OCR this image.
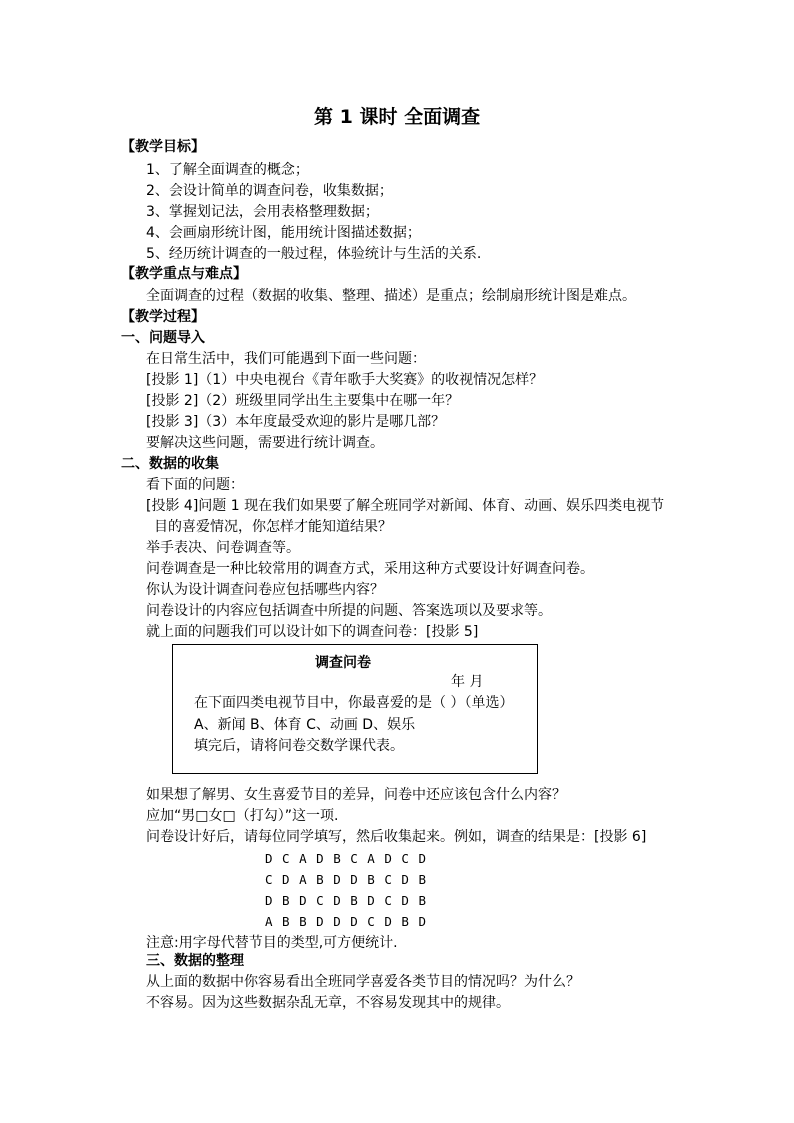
第 1 课时 全面调查
【教学目标】
1、了解全面调查的概念；
2、会设计简单的调查问卷，收集数据；
3、掌握划记法，会用表格整理数据；
4、会画扇形统计图，能用统计图描述数据；
5、经历统计调查的一般过程，体验统计与生活的关系.
【教学重点与难点】
全面调查的过程（数据的收集、整理、描述）是重点；绘制扇形统计图是难点。
【教学过程】
一、问题导入
在日常生活中，我们可能遇到下面一些问题：
[投影 1]（1）中央电视台《青年歌手大奖赛》的收视情况怎样？
[投影 2]（2）班级里同学出生主要集中在哪一年？
[投影 3]（3）本年度最受欢迎的影片是哪几部？
要解决这些问题，需要进行统计调查。
二、数据的收集
看下面的问题：
[投影 4]问题 1 现在我们如果要了解全班同学对新闻、体育、动画、娱乐四类电视节
目的喜爱情况，你怎样才能知道结果？
举手表决、问卷调查等。
问卷调查是一种比较常用的调查方式，采用这种方式要设计好调查问卷。
你认为设计调查问卷应包括哪些内容？
问卷设计的内容应包括调查中所提的问题、答案选项以及要求等。
就上面的问题我们可以设计如下的调查问卷：[投影 5]
调查问卷
年 月
在下面四类电视节目中，你最喜爱的是（ ）（单选）
A、新闻 B、体育 C、动画 D、娱乐
填完后，请将问卷交数学课代表。
如果想了解男、女生喜爱节目的差异，问卷中还应该包含什么内容？
应加“男□女□（打勾）”这一项.
问卷设计好后，请每位同学填写，然后收集起来。例如，调查的结果是：[投影 6]
D C A D B C A D C D
C D A B D D B C D B
D B D C D B D C D B
A B B D D D C D B D
注意:用字母代替节目的类型,可方便统计.
三、数据的整理
从上面的数据中你容易看出全班同学喜爱各类节目的情况吗？为什么？
不容易。因为这些数据杂乱无章，不容易发现其中的规律。
